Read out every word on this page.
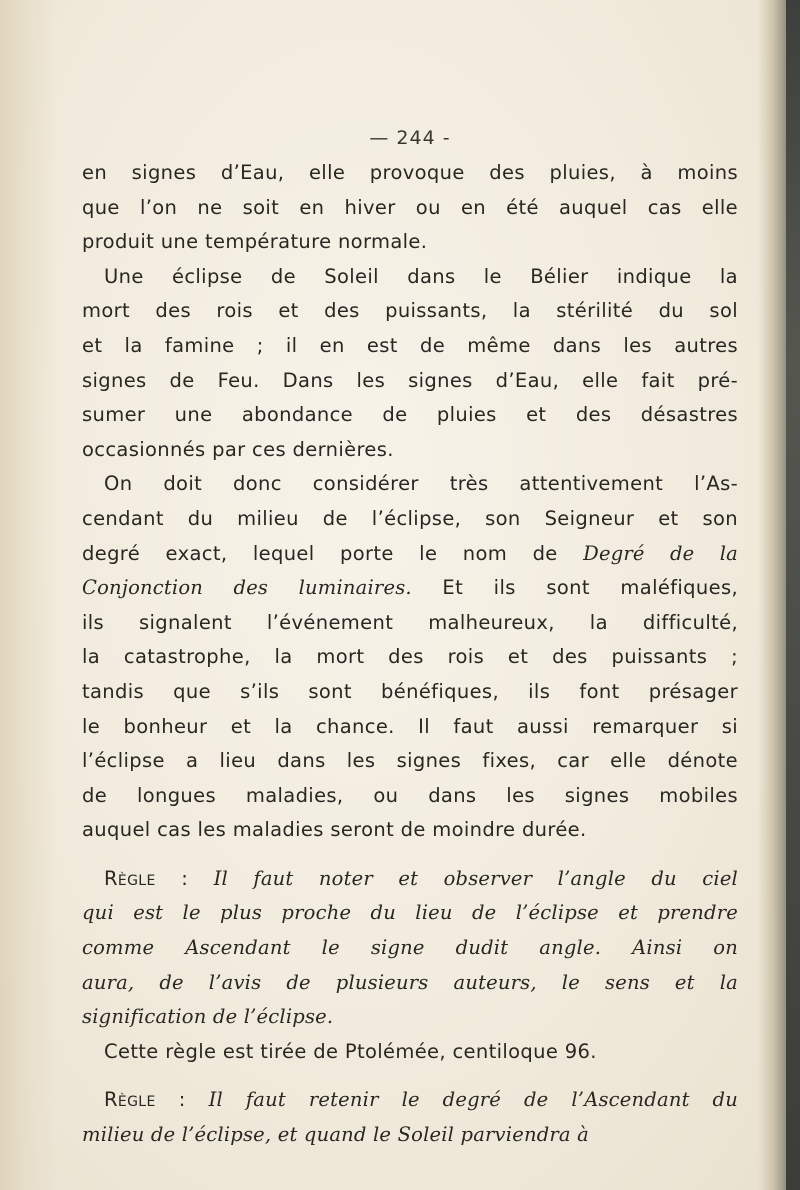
— 244 -
en signes d’Eau, elle provoque des pluies, à moins
que l’on ne soit en hiver ou en été auquel cas elle
produit une température normale.
Une éclipse de Soleil dans le Bélier indique la
mort des rois et des puissants, la stérilité du sol
et la famine ; il en est de même dans les autres
signes de Feu. Dans les signes d’Eau, elle fait pré-
sumer une abondance de pluies et des désastres
occasionnés par ces dernières.
On doit donc considérer très attentivement l’As-
cendant du milieu de l’éclipse, son Seigneur et son
degré exact, lequel porte le nom de Degré de la
Conjonction des luminaires. Et ils sont maléfiques,
ils signalent l’événement malheureux, la difficulté,
la catastrophe, la mort des rois et des puissants ;
tandis que s’ils sont bénéfiques, ils font présager
le bonheur et la chance. Il faut aussi remarquer si
l’éclipse a lieu dans les signes fixes, car elle dénote
de longues maladies, ou dans les signes mobiles
auquel cas les maladies seront de moindre durée.
Règle : Il faut noter et observer l’angle du ciel
qui est le plus proche du lieu de l’éclipse et prendre
comme Ascendant le signe dudit angle. Ainsi on
aura, de l’avis de plusieurs auteurs, le sens et la
signification de l’éclipse.
Cette règle est tirée de Ptolémée, centiloque 96.
Règle : Il faut retenir le degré de l’Ascendant du
milieu de l’éclipse, et quand le Soleil parviendra à
